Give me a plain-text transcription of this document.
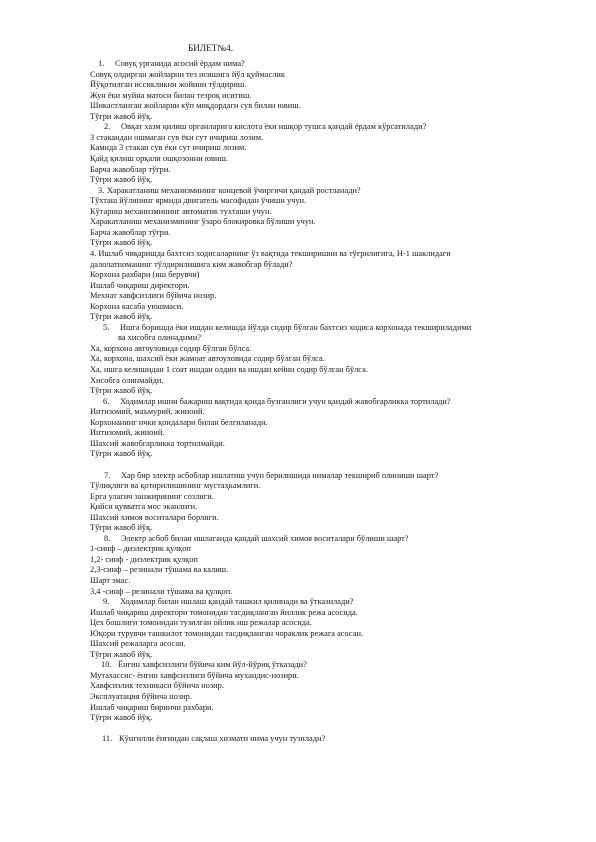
БИЛЕТ№4.
1. Совуқ урганида асосий ёрдам нима?
Совуқ олдирган жойларни тез исишига йўл қуймаслик
Йўқотилган иссикликни жойини тўлдириш.
Жун ёки муйна матоси билан тезроқ иситиш.
Шикастланган жойларни кўп миқдордаги сув билан ювиш.
Тўғри жавоб йўқ.
2. Овқат хазм қилиш органларига кислота ёки ишқор тушса қандай ёрдам кўрсатилади?
3 стакандан ошмаган сув ёки сут ичириш лозим.
Камида 3 стакан сув ёки сут ичириш лозим.
Қайд қилиш орқали ошқозонни ювиш.
Барча жавоблар тўғри.
Тўғри жавоб йўқ.
3. Харакатланиш механизмининг концевой ўчиргичи қандай ростланади?
Тўхташ йўлининг ярмида двигатель масофадан ўчиши учун.
Кўтариш механизмининг автоматик тухташи учун.
Харакатланиш механизмининг ўзаро блокировка бўлиши учун.
Барча жавоблар тўғри.
Тўғри жавоб йўқ.
4. Ишлаб чиқаришда бахтсиз ходисаларнинг ўз вақтида текширишни ва тўғрилигига, Н-1 шаклидаги
далолатноманинг тўлдирилишига ким жавобгар бўлади?
Корхона рахбари (иш берувчи)
Ишлаб чиқариш директори.
Мехнат хавфсизлиги бўйича нозир.
Корхона касаба уюшмаси.
Тўғри жавоб йўқ.
5. Ишга боришда ёки ишдан келишда йўлда содир бўлган бахтсиз ходиса корхонада текшириладими
ва хисобга олинадими?
Ха, корхона автоуловида содир бўлган бўлса.
Ха, корхона, шахсий ёки жамоат автоуловида содир бўлган бўлса.
Ха, ишга келишидан 1 соат ишдан олдин ва ишдан кейин содир бўлган бўлса.
Хисобга олинмайди.
Тўғри жавоб йўқ.
6. Ходимлар ишни бажариш вақтида қоида бузганлиги учун қандай жавобгарликка тортилади?
Интизомий, маъмурий, жиноий.
Корхонанинг ички қоидалари билан белгиланади.
Интизомий, жиноий.
Шахсий жавобгарликка тортилмайди.
Тўғри жавоб йўқ.
7. Хар бир электр асбоблар ишлатиш учун берилишида нималар текшириб олиниши шарт?
Тўлиқлиги ва қотирилишининг мустаҳкамлиги.
Ерга улагич занжирининг созлиги.
Қийси қувватга мос эканлиги.
Шахсий химоя воситалари борлиги.
Тўғри жавоб йўқ.
8. Электр асбоб билан ишлаганда қандай шахсий химоя воситалари бўлиши шарт?
1-синф – диэлектрик қулқоп
1,2- синф - диэлектрик қулқоп
2,3-синф – резинали тўшама ва калиш.
Шарт эмас.
3,4 -синф – резинали тўшама ва қулқоп.
9. Ходимлар билан ишлаш қандай ташкил қилинади ва ўтказилади?
Ишлаб чиқариш директори томонидан тасдиқланган йиллик режа асосида.
Цех бошлиғи томонидан тузилган ойлик иш режалар асосида.
Юқори турувчи ташкилот томонидан тасдиқланган чораклик режага асосан.
Шахсий режаларга асосан.
Тўғри жавоб йўқ.
10. Ёнғин хавфсизлиги бўйича ким йўл-йўриқ ўтказади?
Мутахассис- ёнғин хавфсизлиги бўйича мухандис-нозири.
Хавфсизлик техникаси бўйича нозир.
Эксплуатация бўйича нозир.
Ишлаб чиқариш биринчи рахбари.
Тўғри жавоб йўқ.
11. Кўнгилли ёнғиндан сақлаш хизмати нима учун тузилади?
